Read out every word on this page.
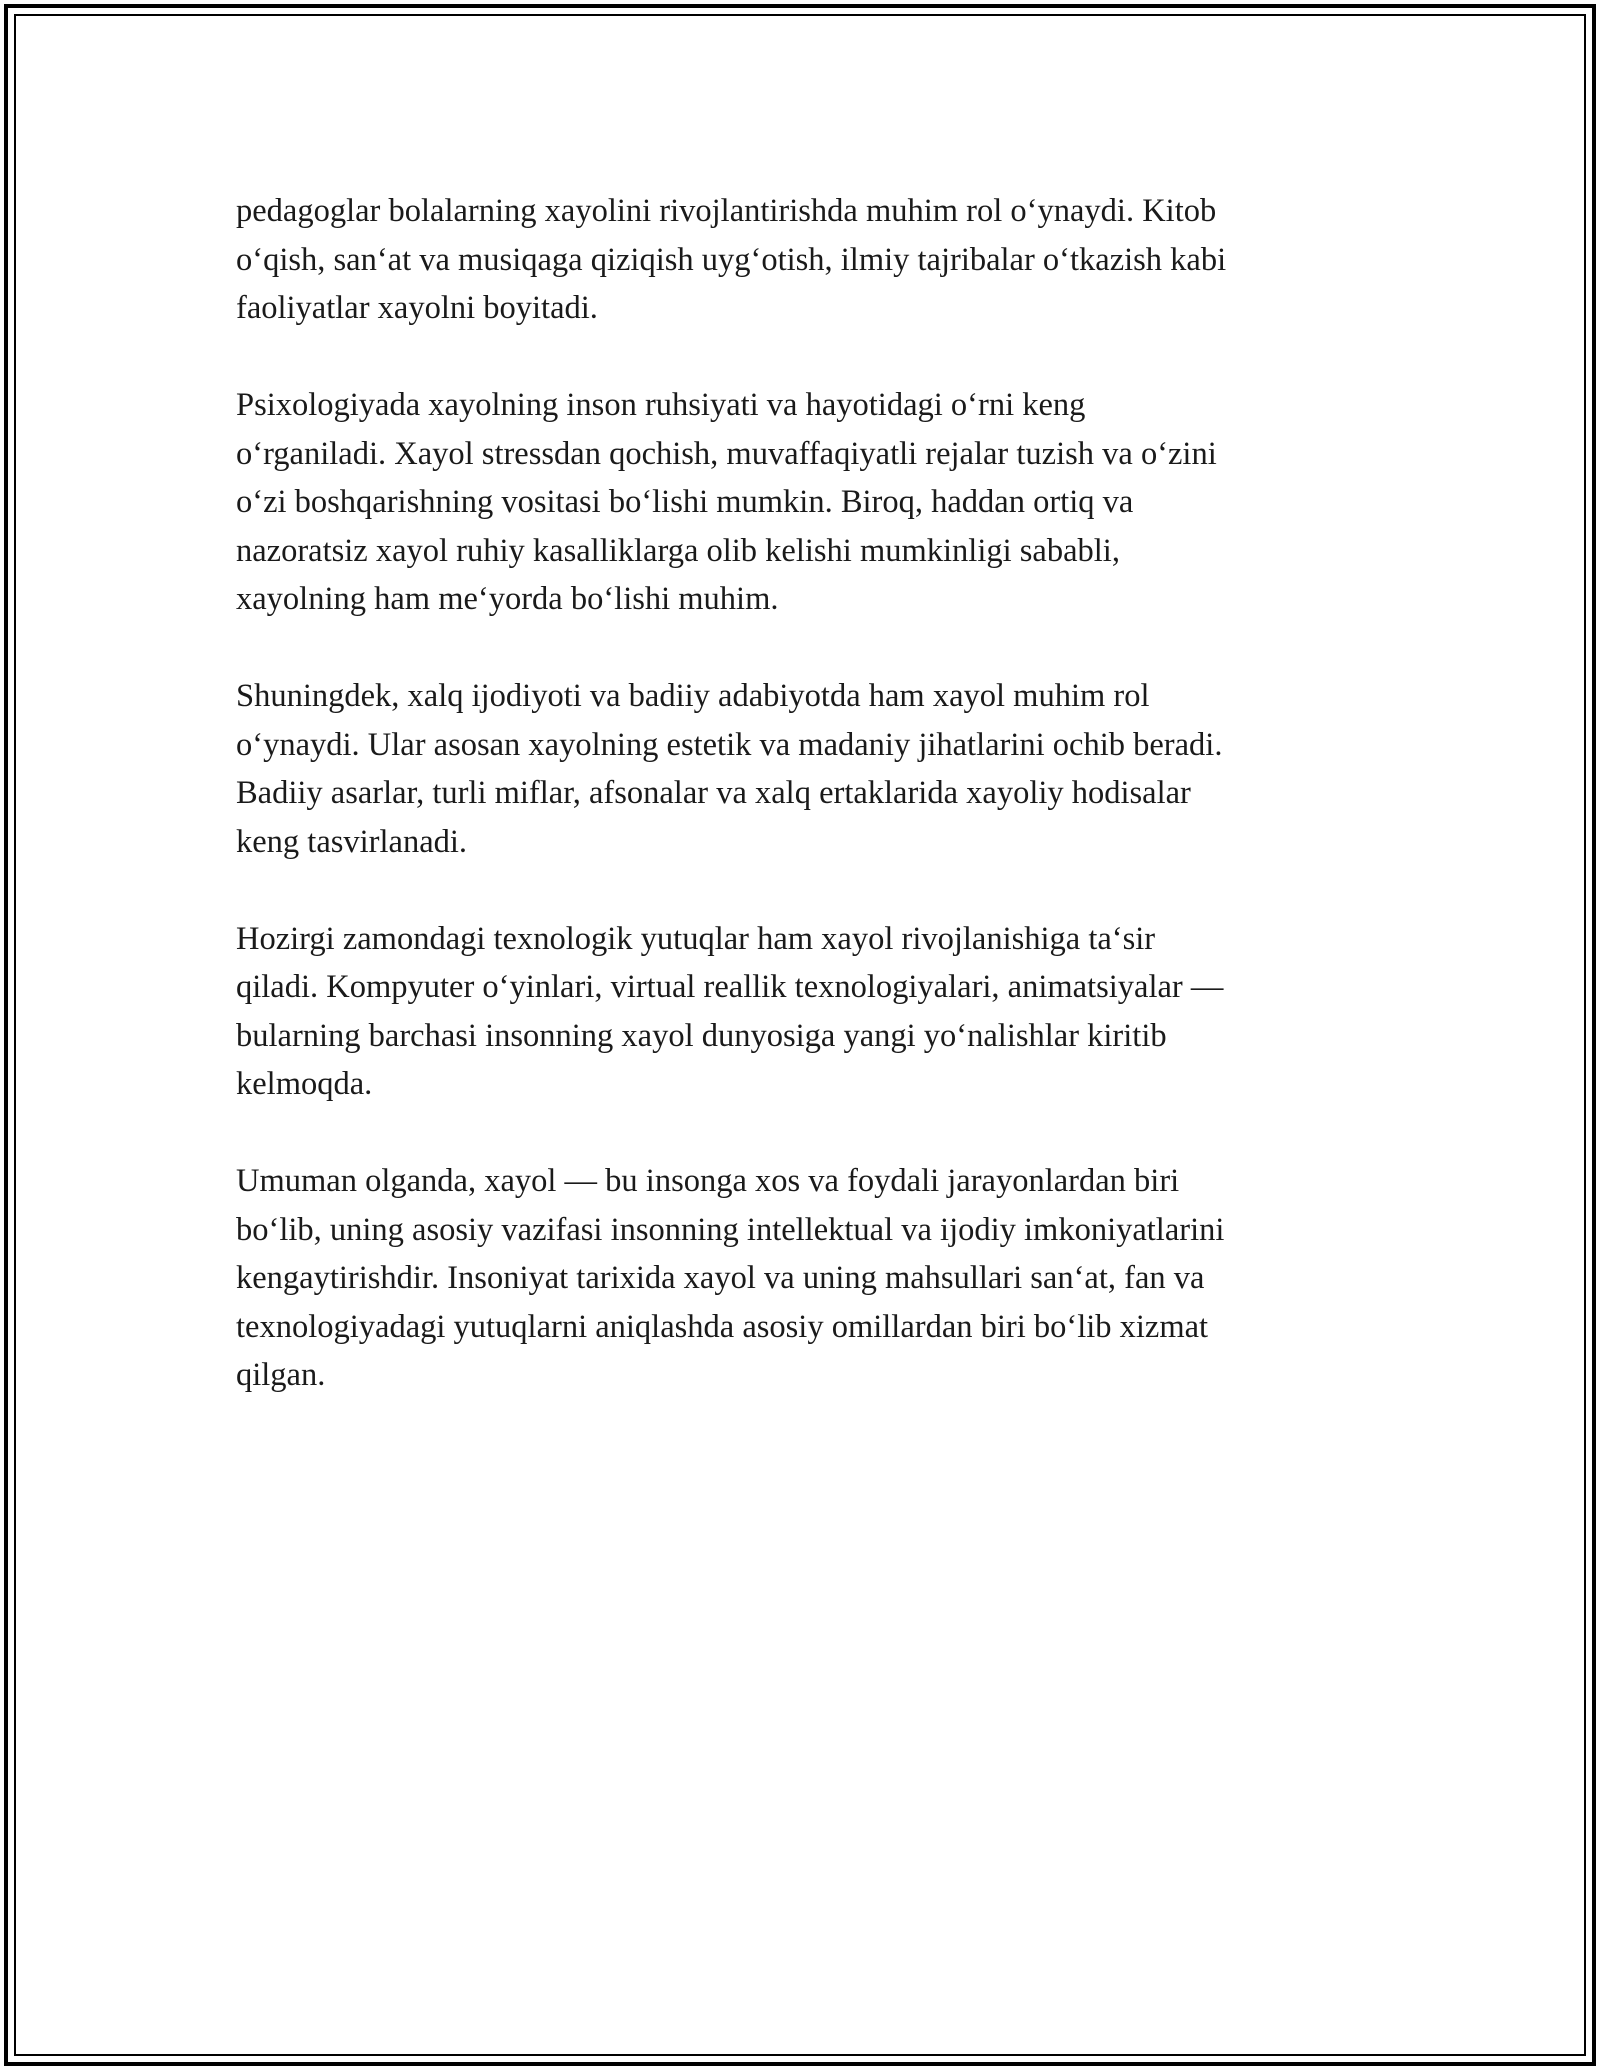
pedagoglar bolalarning xayolini rivojlantirishda muhim rol o‘ynaydi. Kitob
o‘qish, san‘at va musiqaga qiziqish uyg‘otish, ilmiy tajribalar o‘tkazish kabi
faoliyatlar xayolni boyitadi.

Psixologiyada xayolning inson ruhsiyati va hayotidagi o‘rni keng
o‘rganiladi. Xayol stressdan qochish, muvaffaqiyatli rejalar tuzish va o‘zini
o‘zi boshqarishning vositasi bo‘lishi mumkin. Biroq, haddan ortiq va
nazoratsiz xayol ruhiy kasalliklarga olib kelishi mumkinligi sababli,
xayolning ham me‘yorda bo‘lishi muhim.

Shuningdek, xalq ijodiyoti va badiiy adabiyotda ham xayol muhim rol
o‘ynaydi. Ular asosan xayolning estetik va madaniy jihatlarini ochib beradi.
Badiiy asarlar, turli miflar, afsonalar va xalq ertaklarida xayoliy hodisalar
keng tasvirlanadi.

Hozirgi zamondagi texnologik yutuqlar ham xayol rivojlanishiga ta‘sir
qiladi. Kompyuter o‘yinlari, virtual reallik texnologiyalari, animatsiyalar —
bularning barchasi insonning xayol dunyosiga yangi yo‘nalishlar kiritib
kelmoqda.

Umuman olganda, xayol — bu insonga xos va foydali jarayonlardan biri
bo‘lib, uning asosiy vazifasi insonning intellektual va ijodiy imkoniyatlarini
kengaytirishdir. Insoniyat tarixida xayol va uning mahsullari san‘at, fan va
texnologiyadagi yutuqlarni aniqlashda asosiy omillardan biri bo‘lib xizmat
qilgan.
